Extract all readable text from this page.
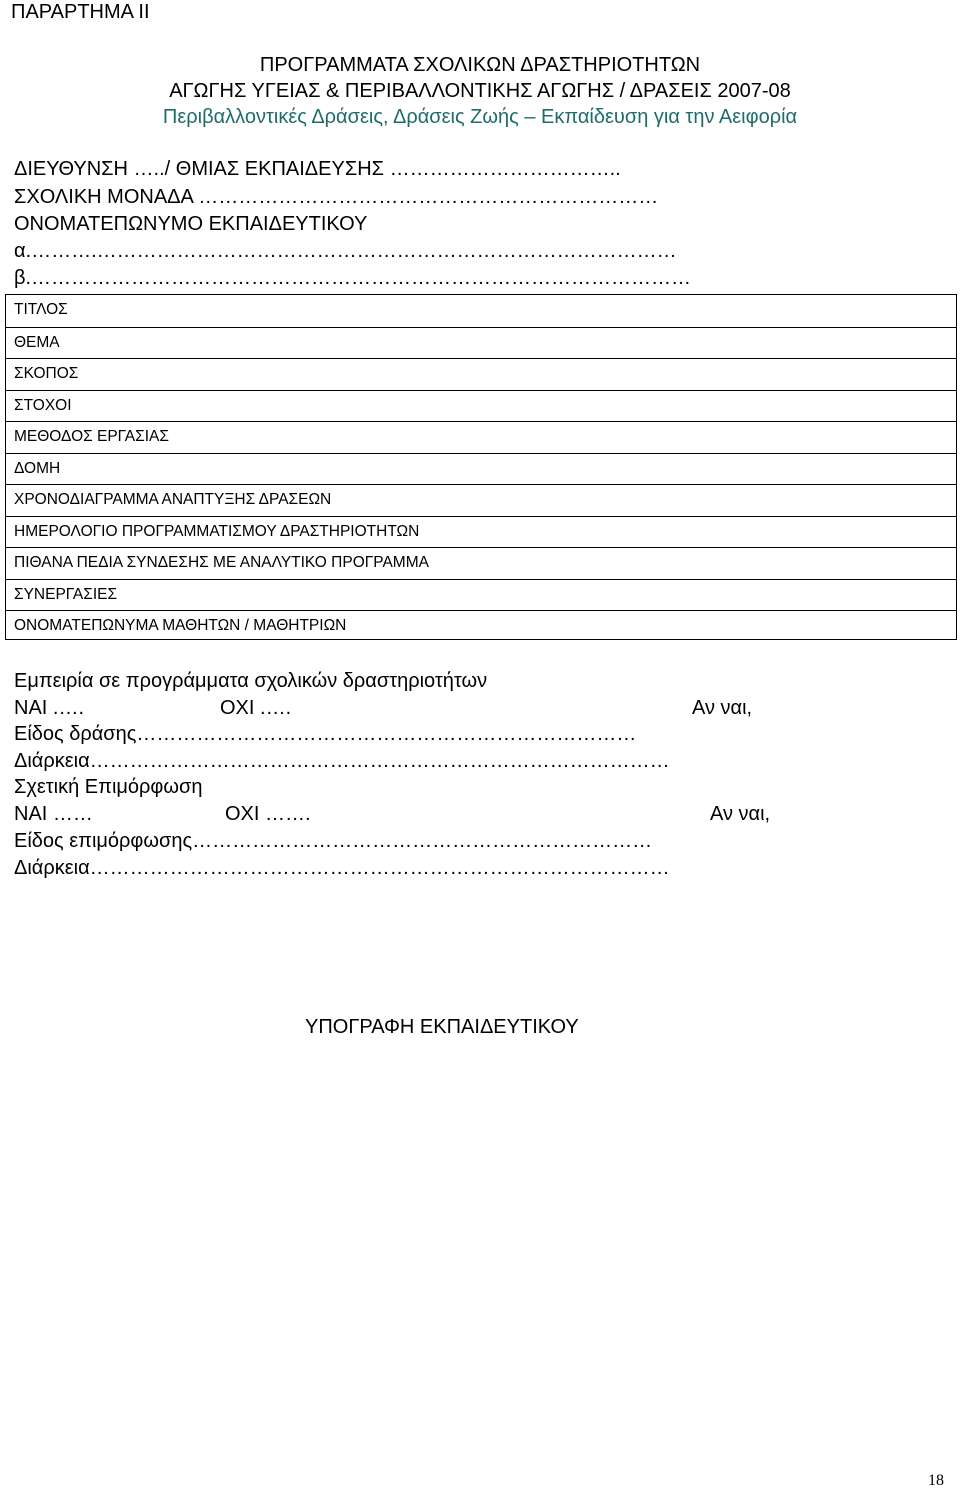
ΠΑΡΑΡΤΗΜΑ ΙΙ
ΠΡΟΓΡΑΜΜΑΤΑ ΣΧΟΛΙΚΩΝ ΔΡΑΣΤΗΡΙΟΤΗΤΩΝ
ΑΓΩΓΗΣ ΥΓΕΙΑΣ & ΠΕΡΙΒΑΛΛΟΝΤΙΚΗΣ ΑΓΩΓΗΣ / ΔΡΑΣΕΙΣ 2007-08
Περιβαλλοντικές Δράσεις, Δράσεις Ζωής – Εκπαίδευση για την Αειφορία
ΔΙΕΥΘΥΝΣΗ …../ ΘΜΙΑΣ ΕΚΠΑΙΔΕΥΣΗΣ ……………………………..
ΣΧΟΛΙΚΗ ΜΟΝΑΔΑ ……………………………………………………………
ΟΝΟΜΑΤΕΠΩΝΥΜΟ ΕΚΠΑΙΔΕΥΤΙΚΟΥ
α.……….……………………………………………………………………………
β.………………………………………………………………………………………
ΤΙΤΛΟΣ
ΘΕΜΑ
ΣΚΟΠΟΣ
ΣΤΟΧΟΙ
ΜΕΘΟΔΟΣ ΕΡΓΑΣΙΑΣ
ΔΟΜΗ
ΧΡΟΝΟΔΙΑΓΡΑΜΜΑ ΑΝΑΠΤΥΞΗΣ ΔΡΑΣΕΩΝ
ΗΜΕΡΟΛΟΓΙΟ ΠΡΟΓΡΑΜΜΑΤΙΣΜΟΥ ΔΡΑΣΤΗΡΙΟΤΗΤΩΝ
ΠΙΘΑΝΑ ΠΕΔΙΑ ΣΥΝΔΕΣΗΣ ΜΕ ΑΝΑΛΥΤΙΚΟ ΠΡΟΓΡΑΜΜΑ
ΣΥΝΕΡΓΑΣΙΕΣ
ΟΝΟΜΑΤΕΠΩΝΥΜΑ ΜΑΘΗΤΩΝ / ΜΑΘΗΤΡΙΩΝ
Εμπειρία σε προγράμματα σχολικών δραστηριοτήτων
ΝΑΙ .….	ΟΧΙ .….	Αν ναι,
Είδος δράσης…………………………………………………………………
Διάρκεια……………………………………………………………………………
Σχετική Επιμόρφωση
ΝΑΙ ……	ΟΧΙ …….	Αν ναι,
Είδος επιμόρφωσης……………………………………………………………
Διάρκεια……………………………………………………………………………
ΥΠΟΓΡΑΦΗ ΕΚΠΑΙΔΕΥΤΙΚΟΥ
18
